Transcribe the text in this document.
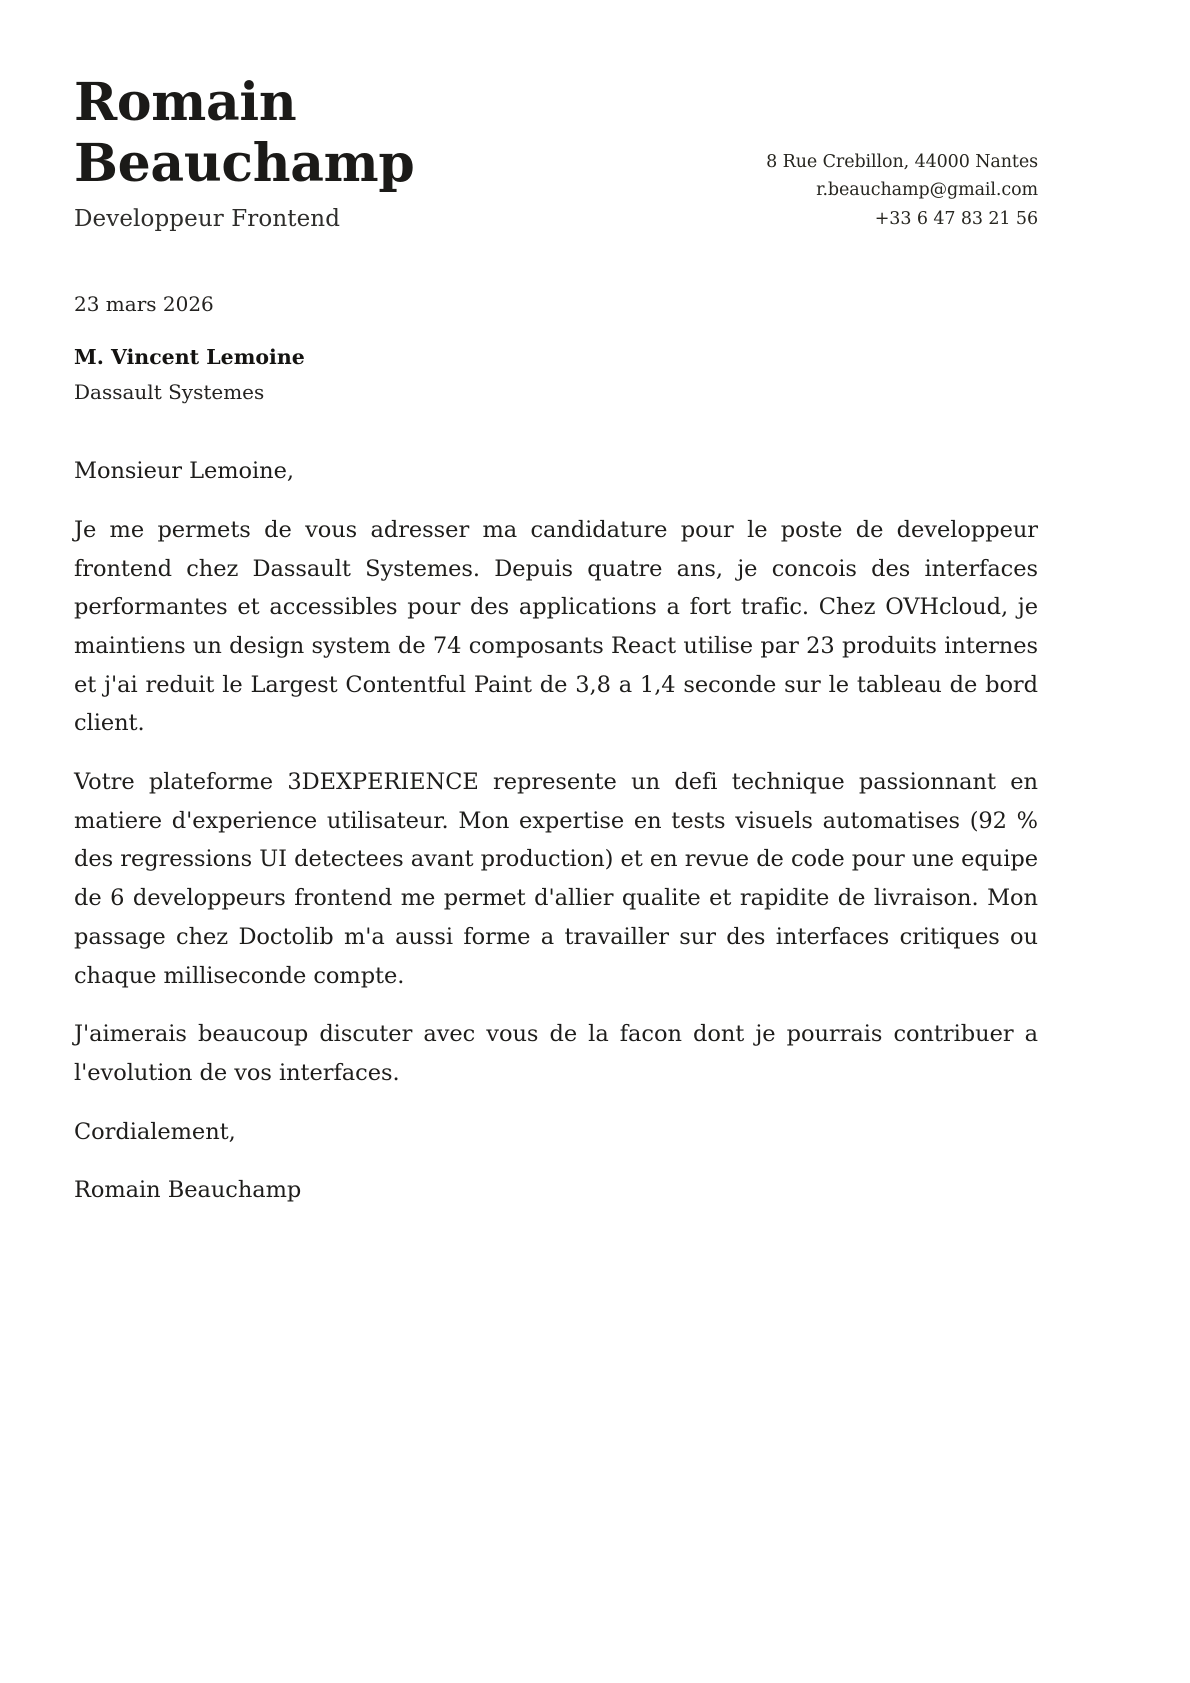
Romain Beauchamp
Developpeur Frontend
8 Rue Crebillon, 44000 Nantes
r.beauchamp@gmail.com
+33 6 47 83 21 56
23 mars 2026
M. Vincent Lemoine
Dassault Systemes

Monsieur Lemoine,

Je me permets de vous adresser ma candidature pour le poste de developpeur frontend chez Dassault Systemes. Depuis quatre ans, je concois des interfaces performantes et accessibles pour des applications a fort trafic. Chez OVHcloud, je maintiens un design system de 74 composants React utilise par 23 produits internes et j'ai reduit le Largest Contentful Paint de 3,8 a 1,4 seconde sur le tableau de bord client.

Votre plateforme 3DEXPERIENCE represente un defi technique passionnant en matiere d'experience utilisateur. Mon expertise en tests visuels automatises (92 % des regressions UI detectees avant production) et en revue de code pour une equipe de 6 developpeurs frontend me permet d'allier qualite et rapidite de livraison. Mon passage chez Doctolib m'a aussi forme a travailler sur des interfaces critiques ou chaque milliseconde compte.

J'aimerais beaucoup discuter avec vous de la facon dont je pourrais contribuer a l'evolution de vos interfaces.

Cordialement,

Romain Beauchamp
